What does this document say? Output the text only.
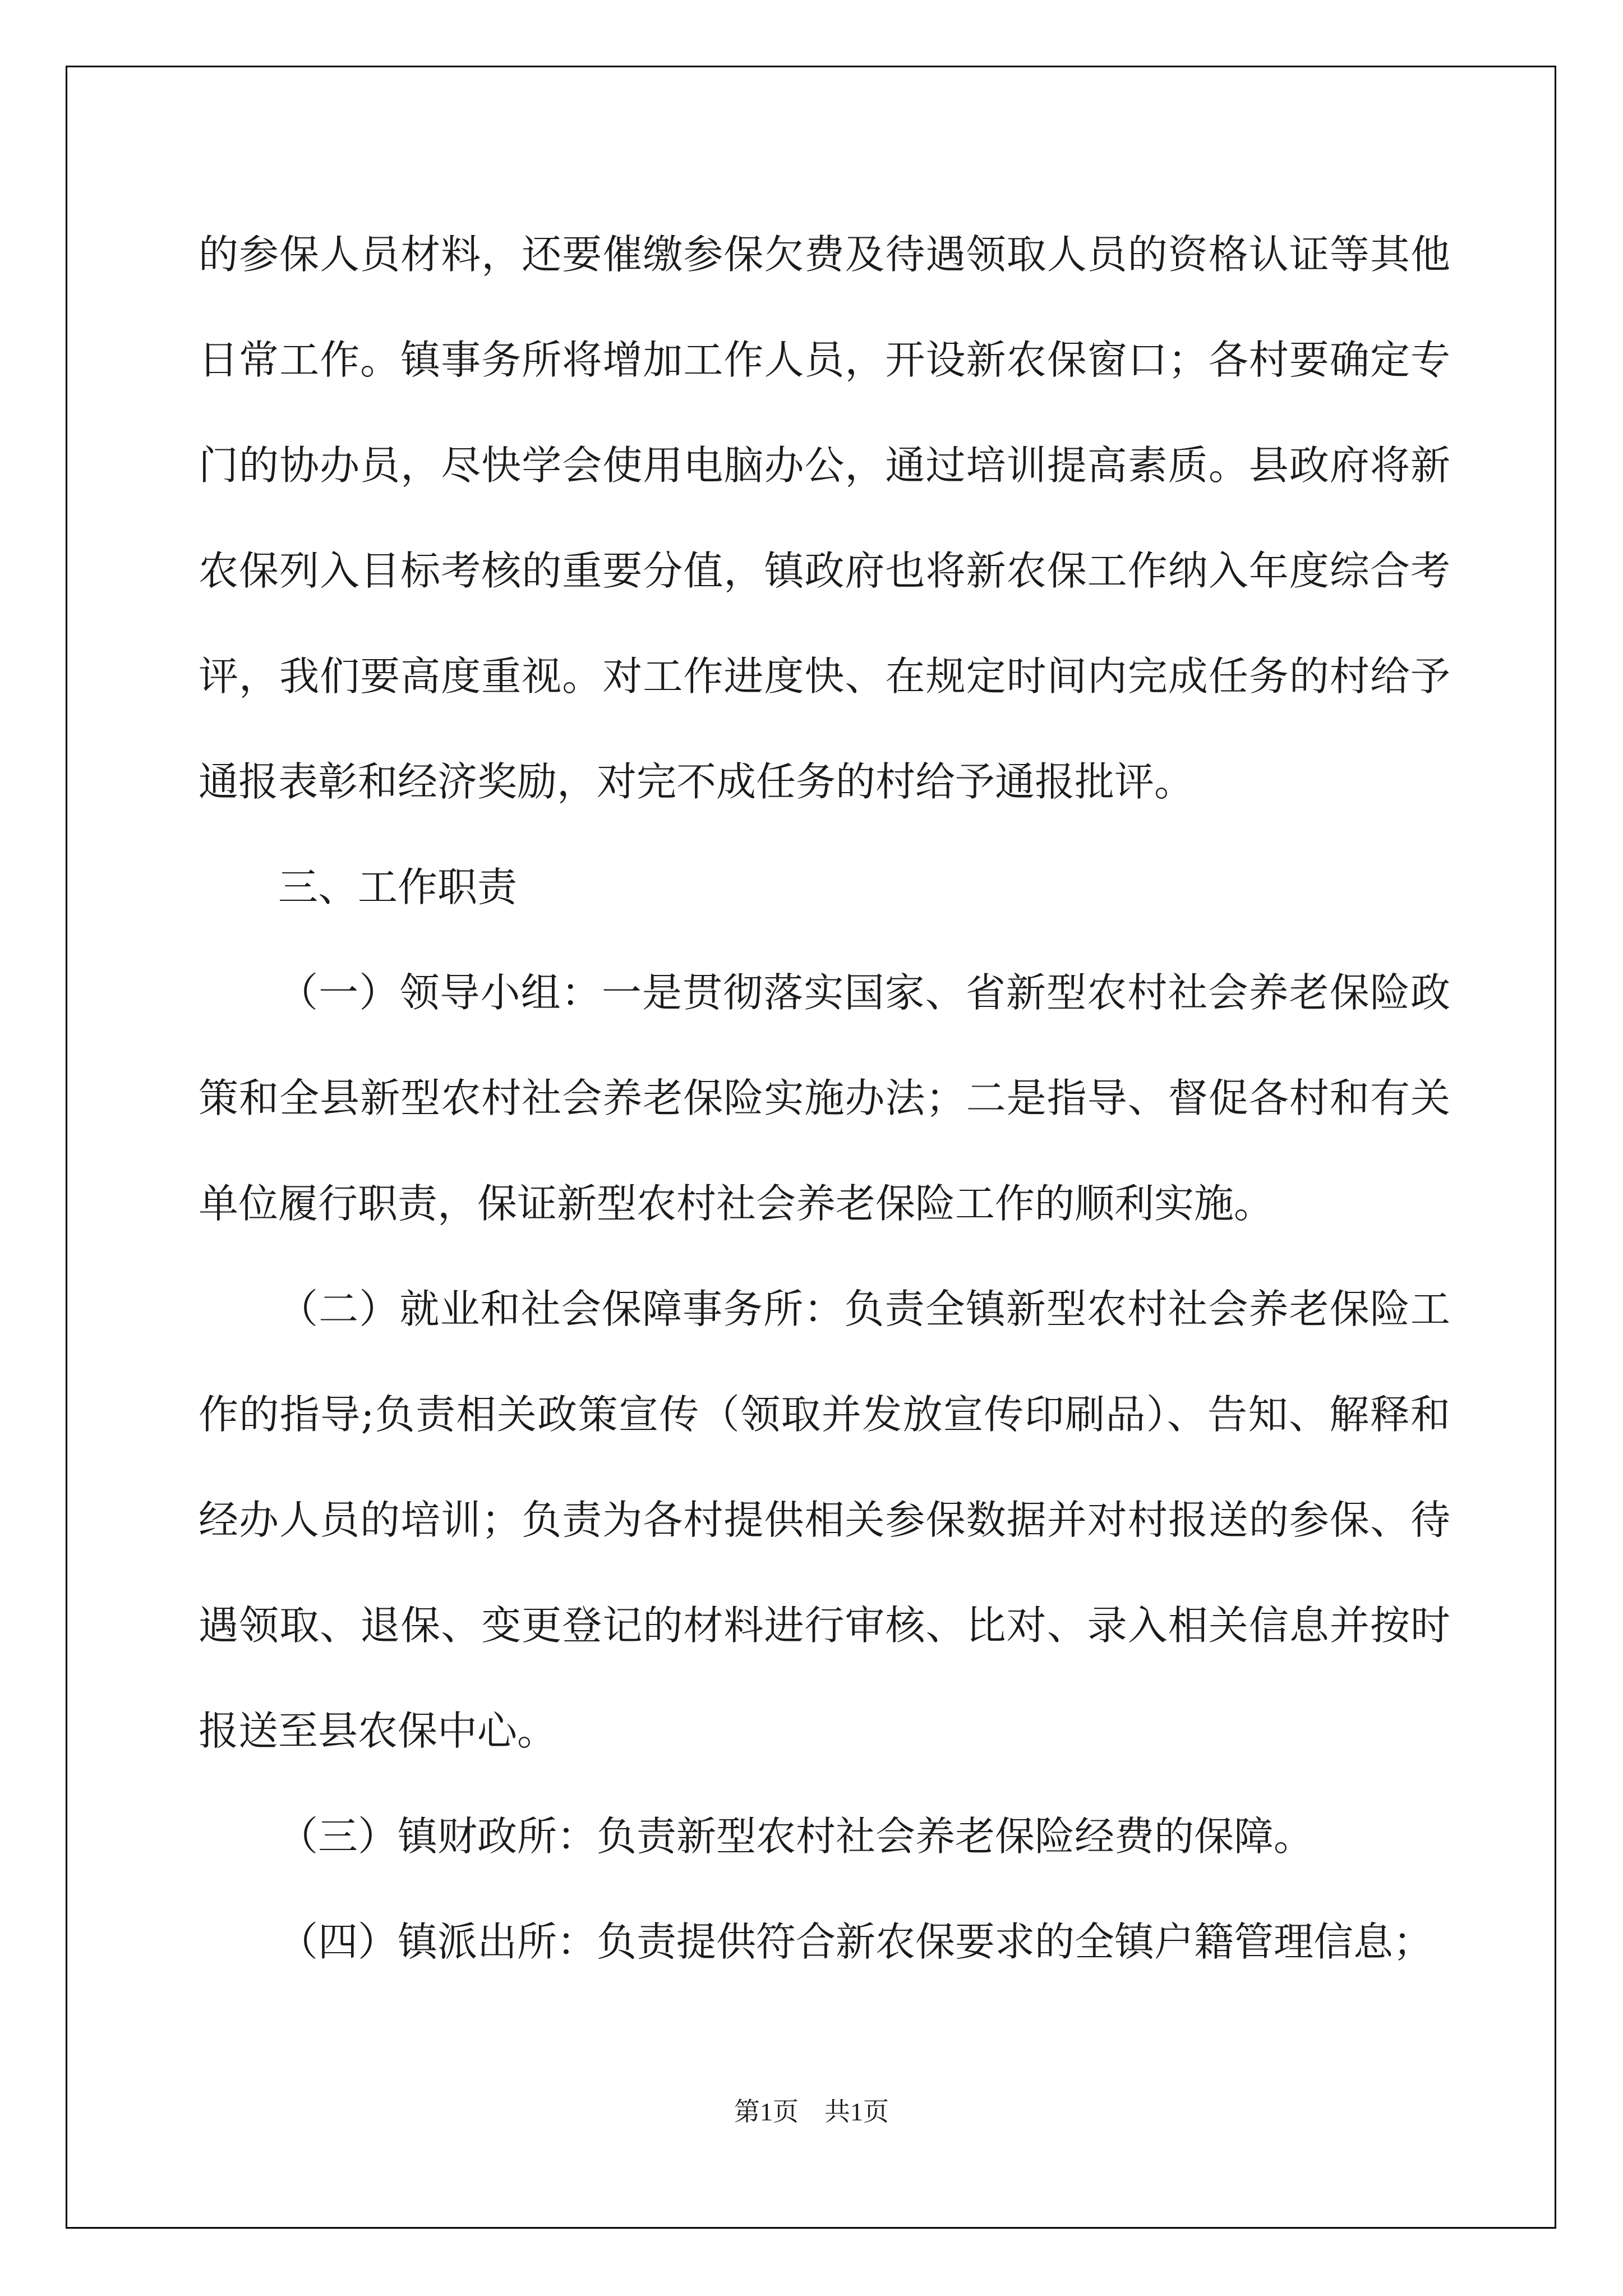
的参保人员材料，还要催缴参保欠费及待遇领取人员的资格认证等其他日常工作。镇事务所将增加工作人员，开设新农保窗口；各村要确定专门的协办员，尽快学会使用电脑办公，通过培训提高素质。县政府将新农保列入目标考核的重要分值，镇政府也将新农保工作纳入年度综合考评，我们要高度重视。对工作进度快、在规定时间内完成任务的村给予通报表彰和经济奖励，对完不成任务的村给予通报批评。

三、工作职责

（一）领导小组：一是贯彻落实国家、省新型农村社会养老保险政策和全县新型农村社会养老保险实施办法；二是指导、督促各村和有关单位履行职责，保证新型农村社会养老保险工作的顺利实施。

（二）就业和社会保障事务所：负责全镇新型农村社会养老保险工作的指导;负责相关政策宣传（领取并发放宣传印刷品）、告知、解释和经办人员的培训；负责为各村提供相关参保数据并对村报送的参保、待遇领取、退保、变更登记的材料进行审核、比对、录入相关信息并按时报送至县农保中心。

（三）镇财政所：负责新型农村社会养老保险经费的保障。

（四）镇派出所：负责提供符合新农保要求的全镇户籍管理信息；

第1页　共1页
